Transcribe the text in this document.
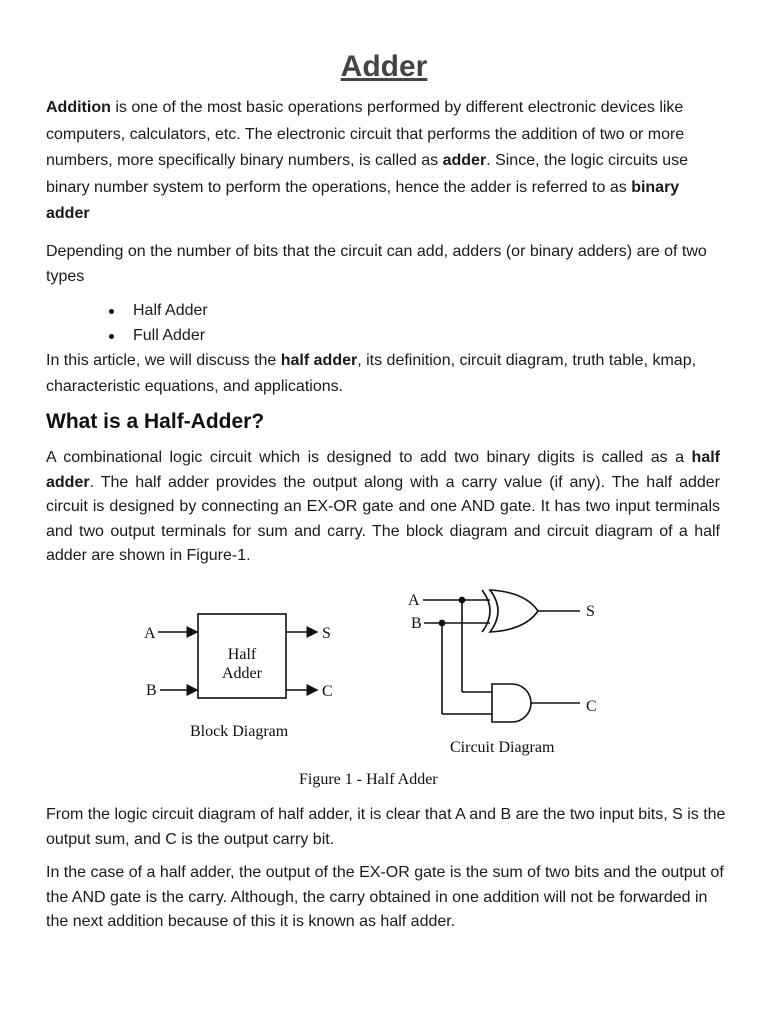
Adder

Addition is one of the most basic operations performed by different electronic devices like computers, calculators, etc. The electronic circuit that performs the addition of two or more numbers, more specifically binary numbers, is called as adder. Since, the logic circuits use binary number system to perform the operations, hence the adder is referred to as binary adder

Depending on the number of bits that the circuit can add, adders (or binary adders) are of two types

Half Adder
Full Adder

In this article, we will discuss the half adder, its definition, circuit diagram, truth table, kmap, characteristic equations, and applications.

What is a Half-Adder?

A combinational logic circuit which is designed to add two binary digits is called as a half adder. The half adder provides the output along with a carry value (if any). The half adder circuit is designed by connecting an EX-OR gate and one AND gate. It has two input terminals and two output terminals for sum and carry. The block diagram and circuit diagram of a half adder are shown in Figure-1.

Half
Adder
A
B
S
C
Block Diagram
A
B
S
C
Circuit Diagram
Figure 1 - Half Adder

From the logic circuit diagram of half adder, it is clear that A and B are the two input bits, S is the output sum, and C is the output carry bit.

In the case of a half adder, the output of the EX-OR gate is the sum of two bits and the output of the AND gate is the carry. Although, the carry obtained in one addition will not be forwarded in the next addition because of this it is known as half adder.
